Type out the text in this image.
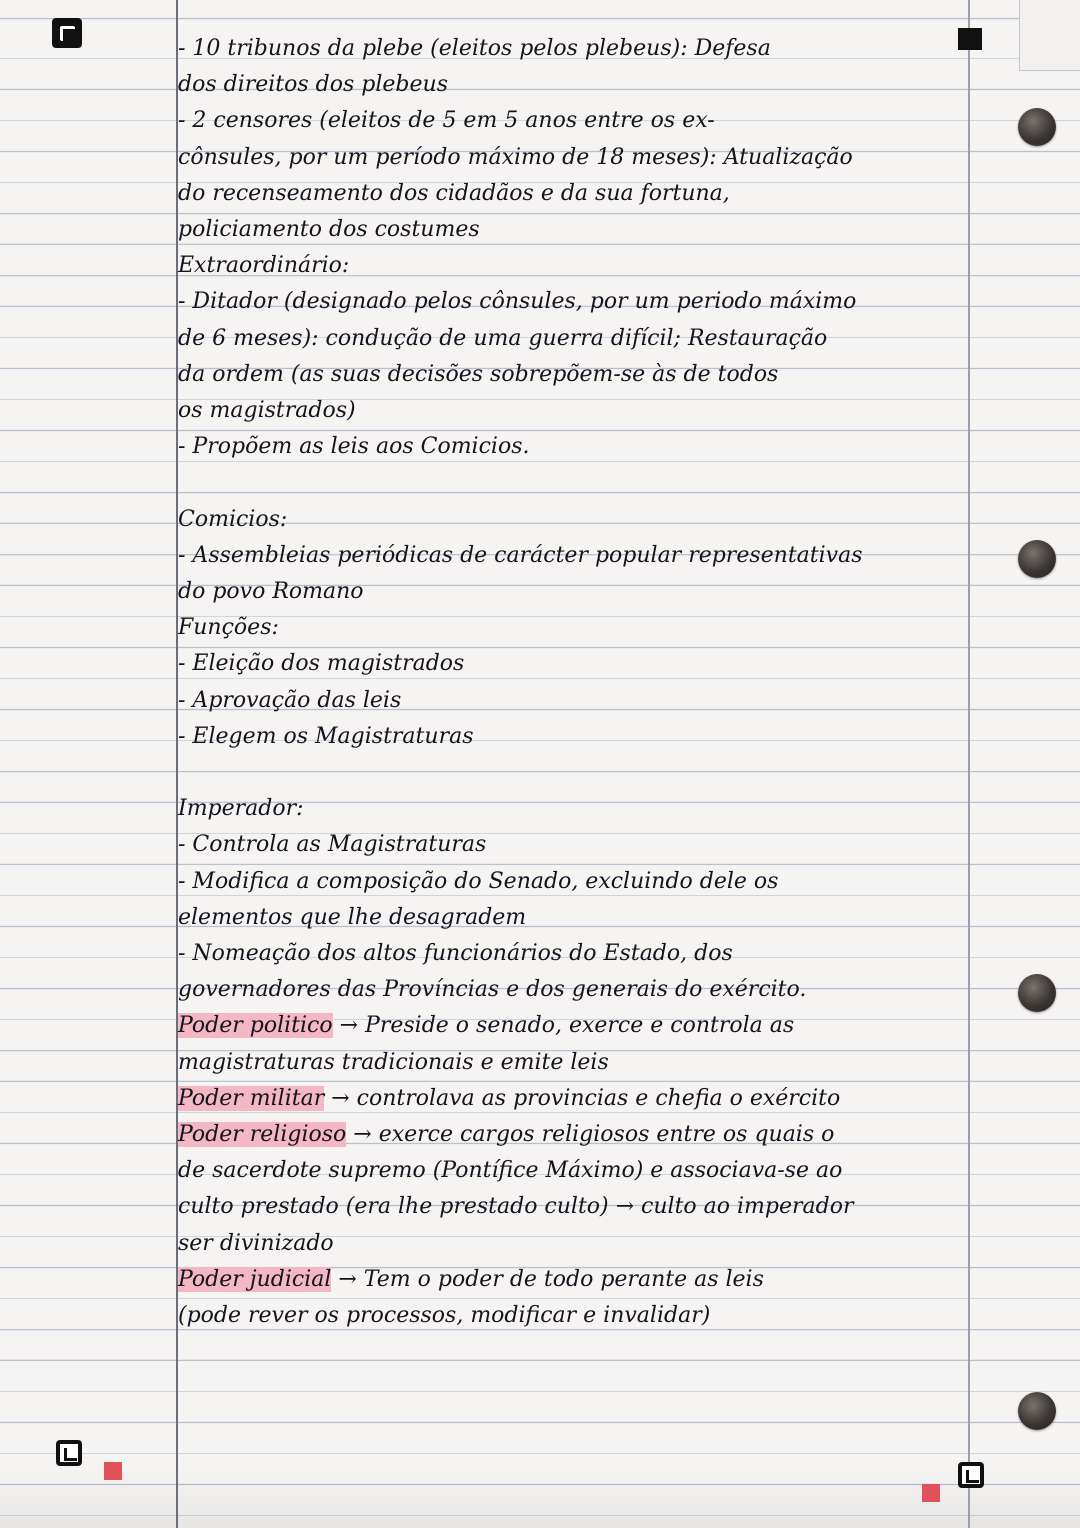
- 10 tribunos da plebe (eleitos pelos plebeus): Defesa
dos direitos dos plebeus
- 2 censores (eleitos de 5 em 5 anos entre os ex-
cônsules, por um período máximo de 18 meses): Atualização
do recenseamento dos cidadãos e da sua fortuna,
policiamento dos costumes
Extraordinário:
- Ditador (designado pelos cônsules, por um periodo máximo
de 6 meses): condução de uma guerra difícil; Restauração
da ordem (as suas decisões sobrepõem-se às de todos
os magistrados)
- Propõem as leis aos Comicios.
Comicios:
- Assembleias periódicas de carácter popular representativas
do povo Romano
Funções:
- Eleição dos magistrados
- Aprovação das leis
- Elegem os Magistraturas
Imperador:
- Controla as Magistraturas
- Modifica a composição do Senado, excluindo dele os
elementos que lhe desagradem
- Nomeação dos altos funcionários do Estado, dos
governadores das Províncias e dos generais do exército.
Poder politico → Preside o senado, exerce e controla as
magistraturas tradicionais e emite leis
Poder militar → controlava as provincias e chefia o exército
Poder religioso → exerce cargos religiosos entre os quais o
de sacerdote supremo (Pontífice Máximo) e associava-se ao
culto prestado (era lhe prestado culto) → culto ao imperador
ser divinizado
Poder judicial → Tem o poder de todo perante as leis
(pode rever os processos, modificar e invalidar)
